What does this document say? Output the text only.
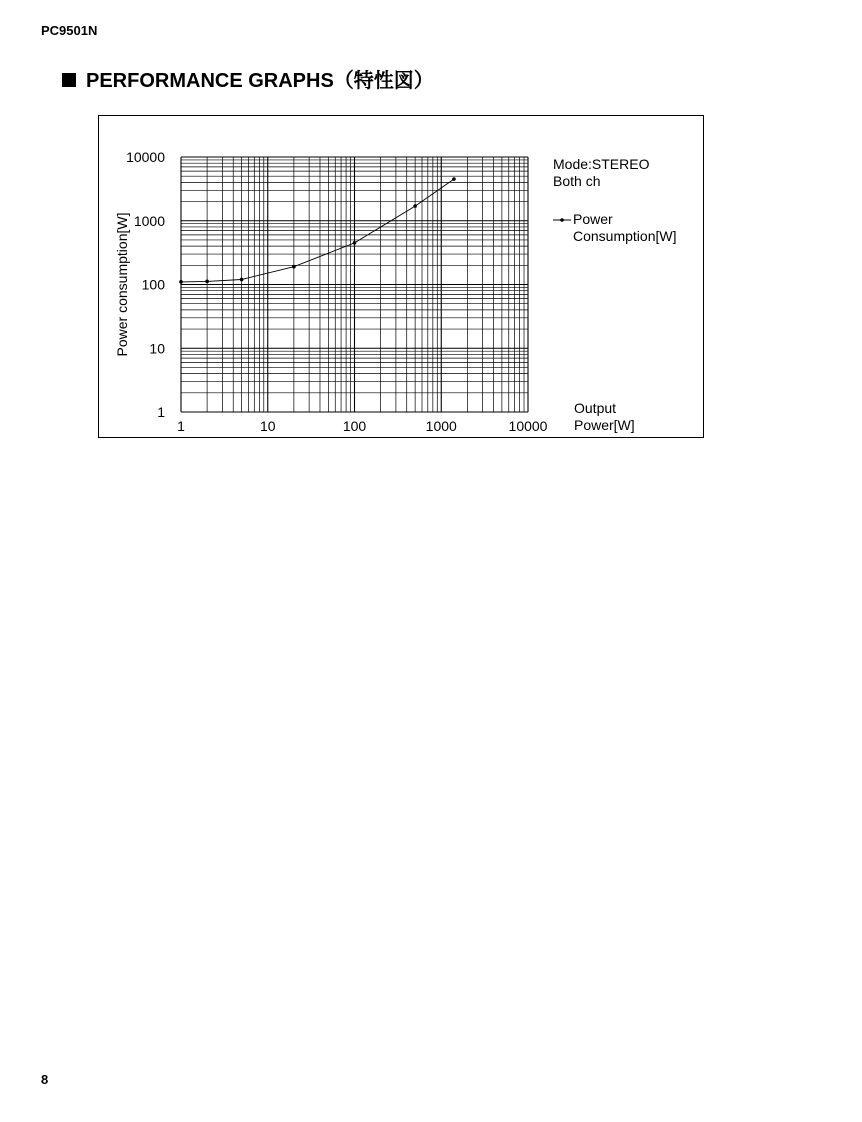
PC9501N
PERFORMANCE GRAPHS（特性図）
1	10	100	1000	10000
1
10
100
1000
10000
Power consumption[W]
Output
Power[W]
Mode:STEREO
Both ch
Power
Consumption[W]
8
